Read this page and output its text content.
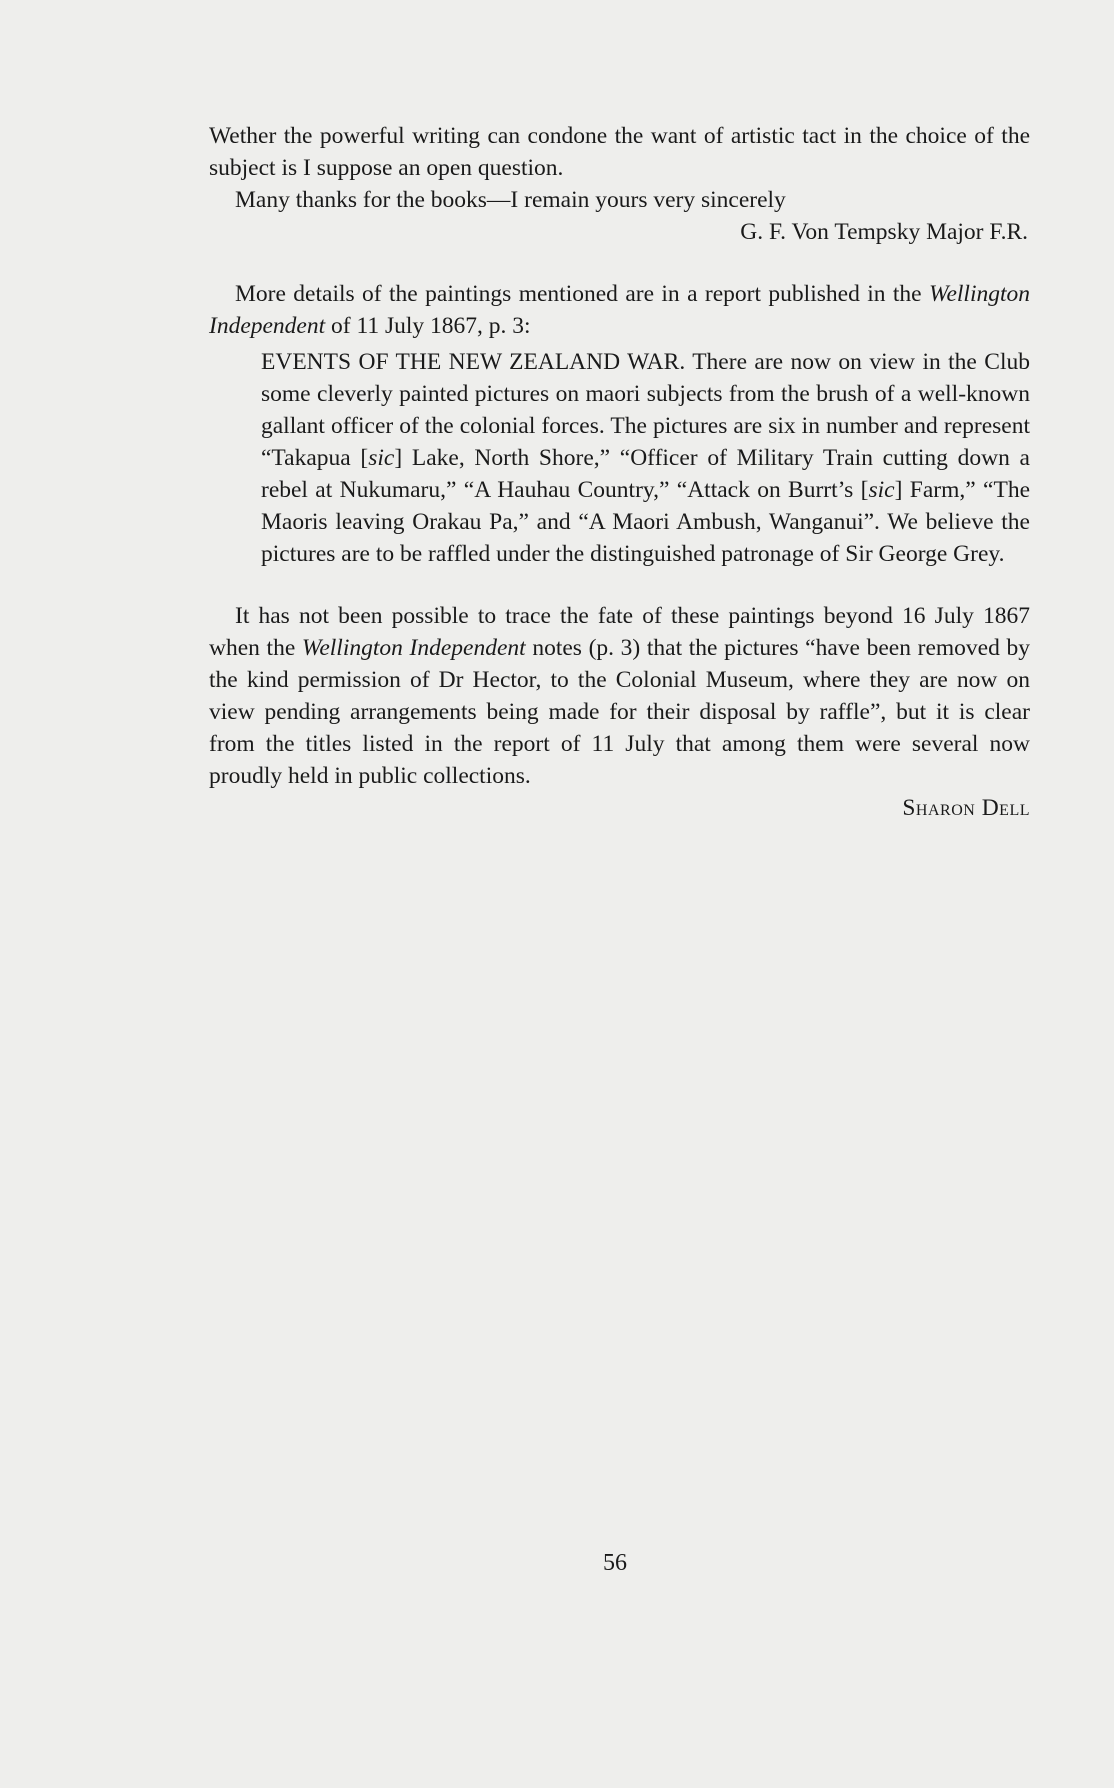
Wether the powerful writing can condone the want of artistic tact in the choice of the subject is I suppose an open question.

Many thanks for the books—I remain yours very sincerely

G. F. Von Tempsky Major F.R.

More details of the paintings mentioned are in a report published in the Wellington Independent of 11 July 1867, p. 3:

EVENTS OF THE NEW ZEALAND WAR. There are now on view in the Club some cleverly painted pictures on maori subjects from the brush of a well-known gallant officer of the colonial forces. The pictures are six in number and represent “Takapua [sic] Lake, North Shore,” “Officer of Military Train cutting down a rebel at Nukumaru,” “A Hauhau Country,” “Attack on Burrt’s [sic] Farm,” “The Maoris leaving Orakau Pa,” and “A Maori Ambush, Wanganui”. We believe the pictures are to be raffled under the distinguished patronage of Sir George Grey.

It has not been possible to trace the fate of these paintings beyond 16 July 1867 when the Wellington Independent notes (p. 3) that the pictures “have been removed by the kind permission of Dr Hector, to the Colonial Museum, where they are now on view pending arrangements being made for their disposal by raffle”, but it is clear from the titles listed in the report of 11 July that among them were several now proudly held in public collections.

Sharon Dell

56
